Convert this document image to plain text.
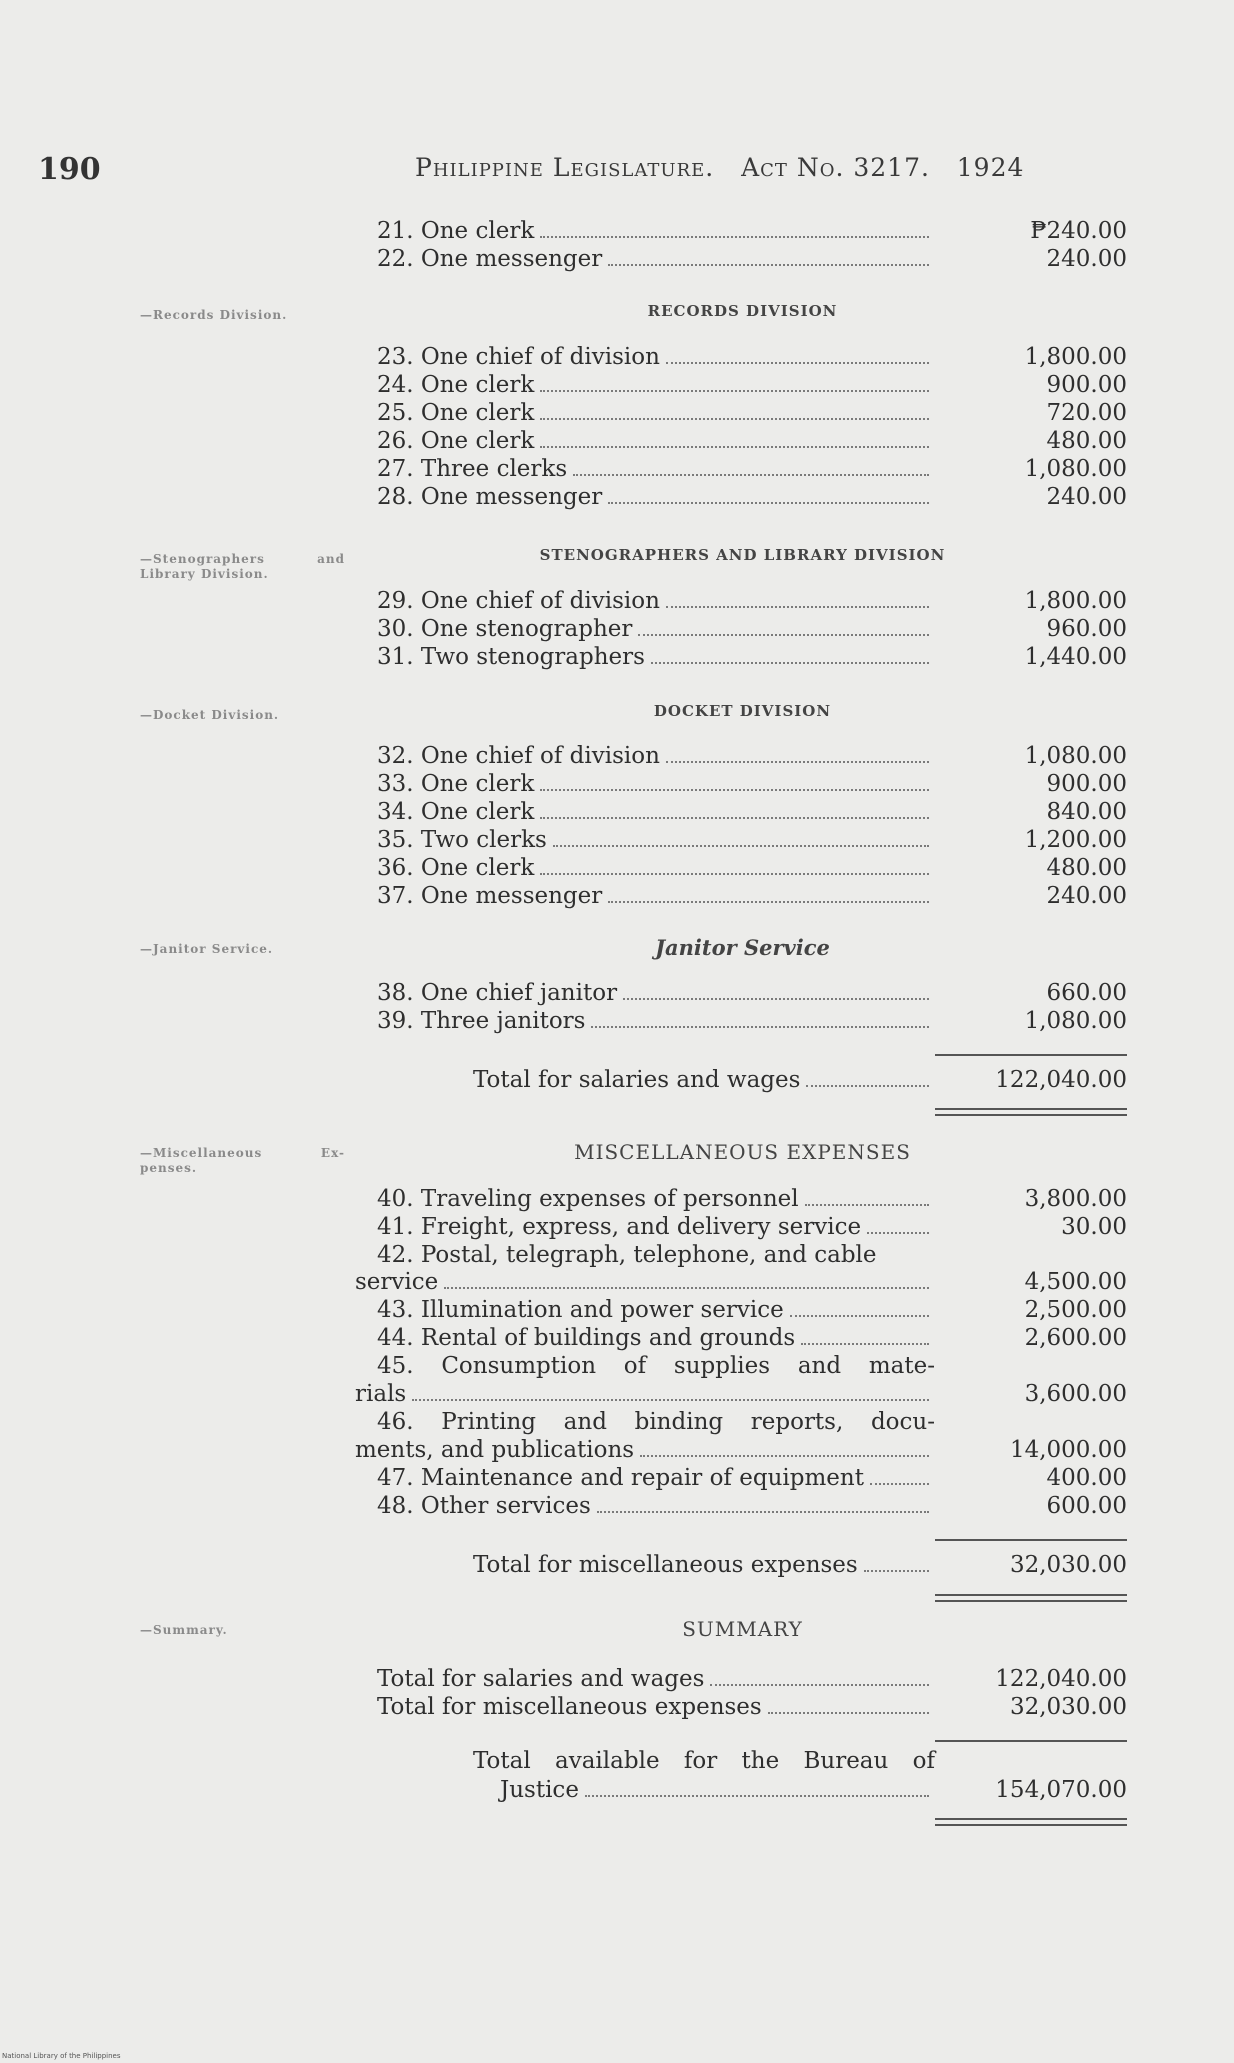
190	Philippine Legislature. Act No. 3217. 1924
21. One clerk	₱240.00
22. One messenger	240.00
—Records Division.	RECORDS DIVISION
23. One chief of division	1,800.00
24. One clerk	900.00
25. One clerk	720.00
26. One clerk	480.00
27. Three clerks	1,080.00
28. One messenger	240.00
—Stenographers and
Library Division.
STENOGRAPHERS AND LIBRARY DIVISION
29. One chief of division	1,800.00
30. One stenographer	960.00
31. Two stenographers	1,440.00
—Docket Division.	DOCKET DIVISION
32. One chief of division	1,080.00
33. One clerk	900.00
34. One clerk	840.00
35. Two clerks	1,200.00
36. One clerk	480.00
37. One messenger	240.00
—Janitor Service.	Janitor Service
38. One chief janitor	660.00
39. Three janitors	1,080.00
Total for salaries and wages	122,040.00
—Miscellaneous Ex-
penses.
MISCELLANEOUS EXPENSES
40. Traveling expenses of personnel	3,800.00
41. Freight, express, and delivery service	30.00
42. Postal, telegraph, telephone, and cable
service	4,500.00
43. Illumination and power service	2,500.00
44. Rental of buildings and grounds	2,600.00
45. Consumption of supplies and mate-
rials	3,600.00
46. Printing and binding reports, docu-
ments, and publications	14,000.00
47. Maintenance and repair of equipment	400.00
48. Other services	600.00
Total for miscellaneous expenses	32,030.00
—Summary.	SUMMARY
Total for salaries and wages	122,040.00
Total for miscellaneous expenses	32,030.00
Total available for the Bureau of
Justice	154,070.00
National Library of the Philippines
